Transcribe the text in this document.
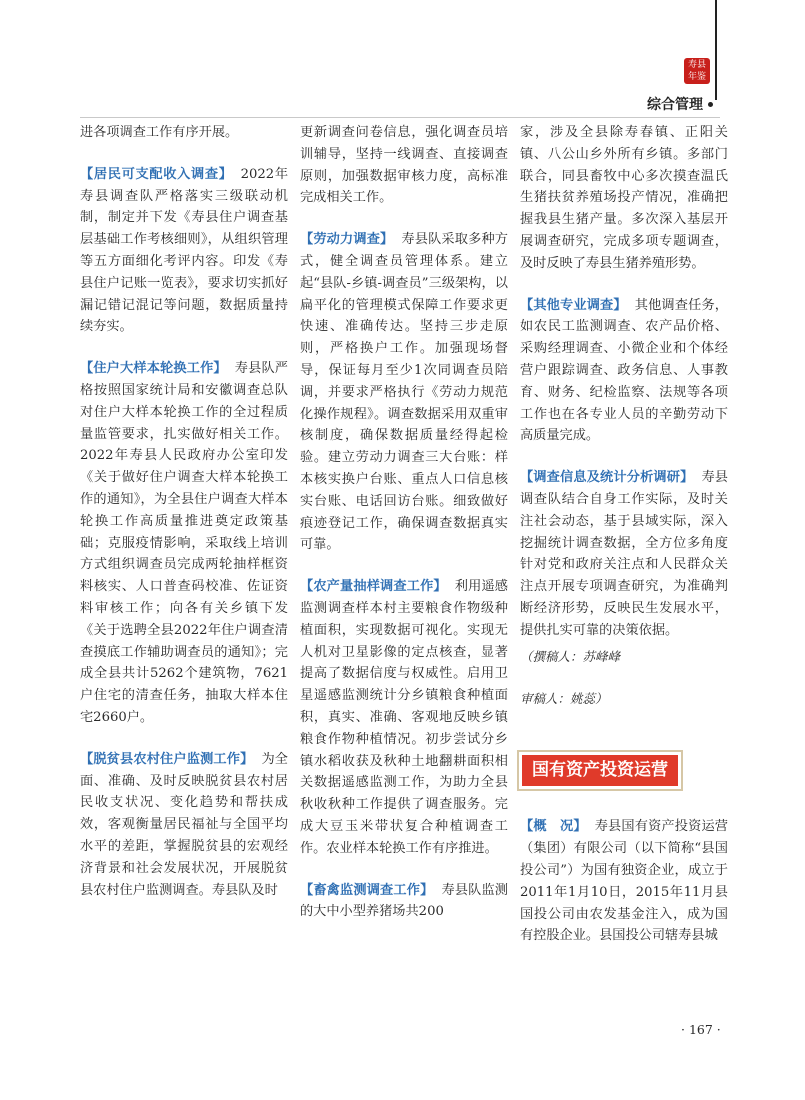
寿县
年鉴
综合管理

进各项调查工作有序开展。

【居民可支配收入调查】 2022年寿县调查队严格落实三级联动机制，制定并下发《寿县住户调查基层基础工作考核细则》，从组织管理等五方面细化考评内容。印发《寿县住户记账一览表》，要求切实抓好漏记错记混记等问题，数据质量持续夯实。

【住户大样本轮换工作】 寿县队严格按照国家统计局和安徽调查总队对住户大样本轮换工作的全过程质量监管要求，扎实做好相关工作。2022年寿县人民政府办公室印发《关于做好住户调查大样本轮换工作的通知》，为全县住户调查大样本轮换工作高质量推进奠定政策基础；克服疫情影响，采取线上培训方式组织调查员完成两轮抽样框资料核实、人口普查码校准、佐证资料审核工作；向各有关乡镇下发《关于选聘全县2022年住户调查清查摸底工作辅助调查员的通知》；完成全县共计5262个建筑物，7621户住宅的清查任务，抽取大样本住宅2660户。

【脱贫县农村住户监测工作】 为全面、准确、及时反映脱贫县农村居民收支状况、变化趋势和帮扶成效，客观衡量居民福祉与全国平均水平的差距，掌握脱贫县的宏观经济背景和社会发展状况，开展脱贫县农村住户监测调查。寿县队及时

更新调查问卷信息，强化调查员培训辅导，坚持一线调查、直接调查原则，加强数据审核力度，高标准完成相关工作。

【劳动力调查】 寿县队采取多种方式，健全调查员管理体系。建立起“县队-乡镇-调查员”三级架构，以扁平化的管理模式保障工作要求更快速、准确传达。坚持三步走原则，严格换户工作。加强现场督导，保证每月至少1次同调查员陪调，并要求严格执行《劳动力规范化操作规程》。调查数据采用双重审核制度，确保数据质量经得起检验。建立劳动力调查三大台账：样本核实换户台账、重点人口信息核实台账、电话回访台账。细致做好痕迹登记工作，确保调查数据真实可靠。

【农产量抽样调查工作】 利用遥感监测调查样本村主要粮食作物级种植面积，实现数据可视化。实现无人机对卫星影像的定点核查，显著提高了数据信度与权威性。启用卫星遥感监测统计分乡镇粮食种植面积，真实、准确、客观地反映乡镇粮食作物种植情况。初步尝试分乡镇水稻收获及秋种土地翻耕面积相关数据遥感监测工作，为助力全县秋收秋种工作提供了调查服务。完成大豆玉米带状复合种植调查工作。农业样本轮换工作有序推进。

【畜禽监测调查工作】 寿县队监测的大中小型养猪场共200

家，涉及全县除寿春镇、正阳关镇、八公山乡外所有乡镇。多部门联合，同县畜牧中心多次摸查温氏生猪扶贫养殖场投产情况，准确把握我县生猪产量。多次深入基层开展调查研究，完成多项专题调查，及时反映了寿县生猪养殖形势。

【其他专业调查】 其他调查任务，如农民工监测调查、农产品价格、采购经理调查、小微企业和个体经营户跟踪调查、政务信息、人事教育、财务、纪检监察、法规等各项工作也在各专业人员的辛勤劳动下高质量完成。

【调查信息及统计分析调研】 寿县调查队结合自身工作实际，及时关注社会动态，基于县域实际，深入挖掘统计调查数据，全方位多角度针对党和政府关注点和人民群众关注点开展专项调查研究，为准确判断经济形势，反映民生发展水平，提供扎实可靠的决策依据。

（撰稿人：苏峰峰

审稿人：姚蕊）

国有资产投资运营

【概　况】 寿县国有资产投资运营（集团）有限公司（以下简称“县国投公司”）为国有独资企业，成立于2011年1月10日，2015年11月县国投公司由农发基金注入，成为国有控股企业。县国投公司辖寿县城

· 167 ·
